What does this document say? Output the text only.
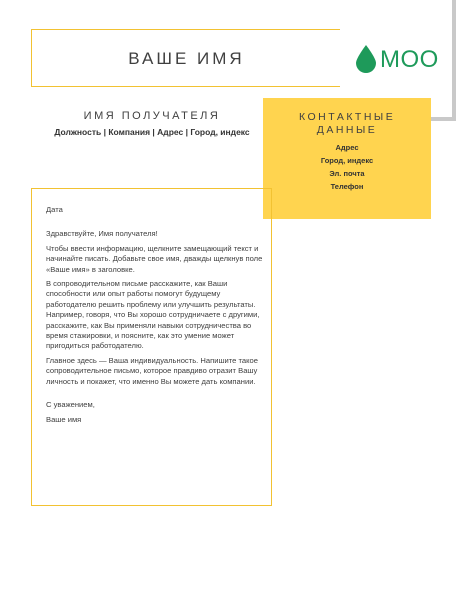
ВАШЕ ИМЯ	MOO
ИМЯ ПОЛУЧАТЕЛЯ
Должность | Компания | Адрес | Город, индекс
КОНТАКТНЫЕ ДАННЫЕ
Адрес
Город, индекс
Эл. почта
Телефон

Дата

Здравствуйте, Имя получателя!

Чтобы ввести информацию, щелкните замещающий текст и начинайте писать. Добавьте свое имя, дважды щелкнув поле «Ваше имя» в заголовке.

В сопроводительном письме расскажите, как Ваши способности или опыт работы помогут будущему работодателю решить проблему или улучшить результаты. Например, говоря, что Вы хорошо сотрудничаете с другими, расскажите, как Вы применяли навыки сотрудничества во время стажировки, и поясните, как это умение может пригодиться работодателю.

Главное здесь — Ваша индивидуальность. Напишите такое сопроводительное письмо, которое правдиво отразит Вашу личность и покажет, что именно Вы можете дать компании.

С уважением,

Ваше имя
